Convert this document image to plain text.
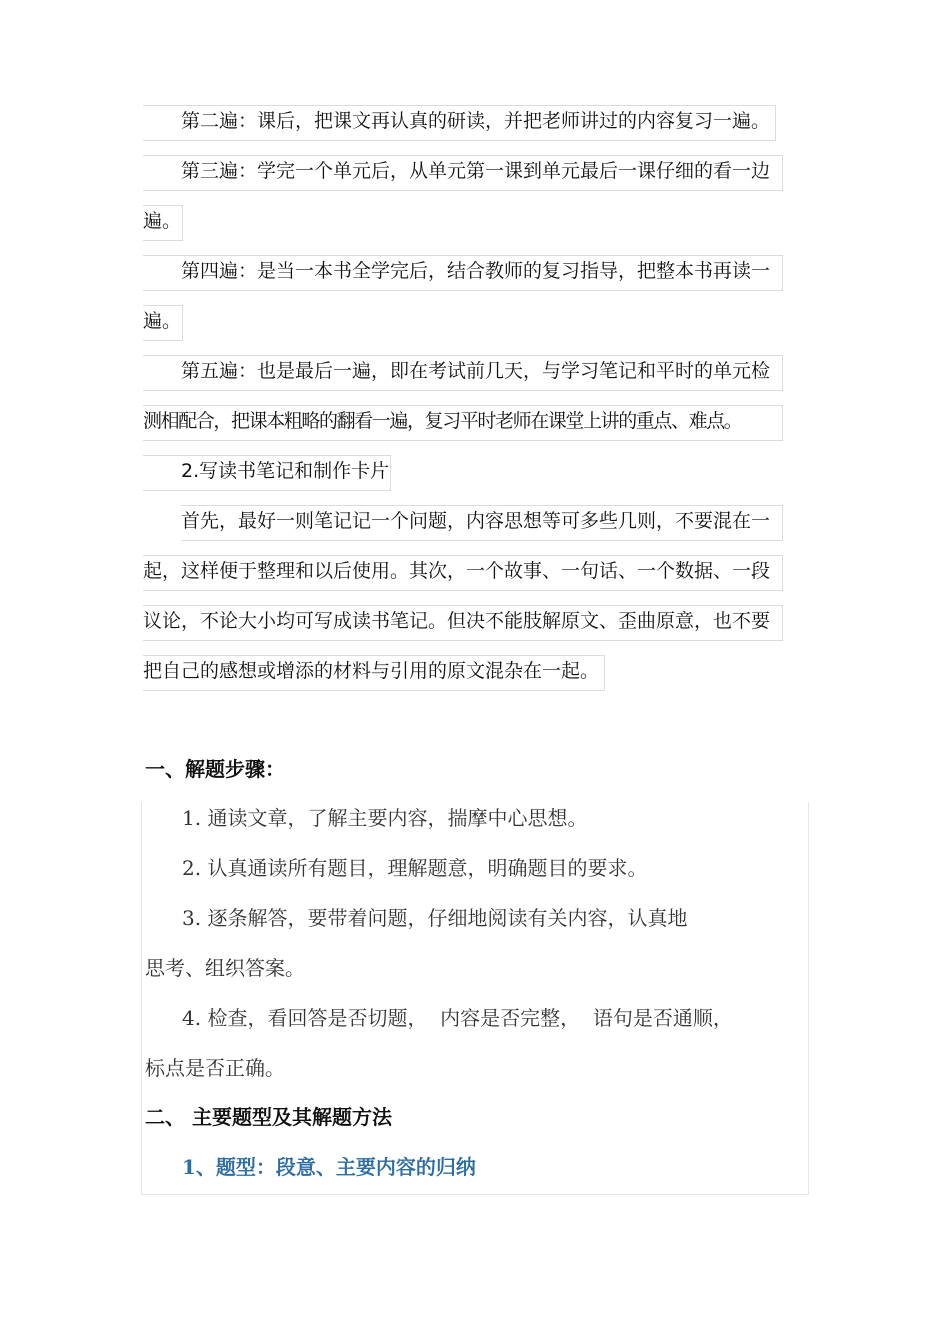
第二遍：课后，把课文再认真的研读，并把老师讲过的内容复习一遍。
第三遍：学完一个单元后，从单元第一课到单元最后一课仔细的看一边
遍。
第四遍：是当一本书全学完后，结合教师的复习指导，把整本书再读一
遍。
第五遍：也是最后一遍，即在考试前几天，与学习笔记和平时的单元检
测相配合，把课本粗略的翻看一遍，复习平时老师在课堂上讲的重点、难点。
2.写读书笔记和制作卡片
首先，最好一则笔记记一个问题，内容思想等可多些几则，不要混在一
起，这样便于整理和以后使用。其次，一个故事、一句话、一个数据、一段
议论，不论大小均可写成读书笔记。但决不能肢解原文、歪曲原意，也不要
把自己的感想或增添的材料与引用的原文混杂在一起。
一、解题步骤：
1. 通读文章，了解主要内容，揣摩中心思想。
2. 认真通读所有题目，理解题意，明确题目的要求。
3. 逐条解答，要带着问题，仔细地阅读有关内容，认真地
思考、组织答案。
4. 检查，看回答是否切题，  内容是否完整，  语句是否通顺，
标点是否正确。
二、 主要题型及其解题方法
1、题型：段意、主要内容的归纳
